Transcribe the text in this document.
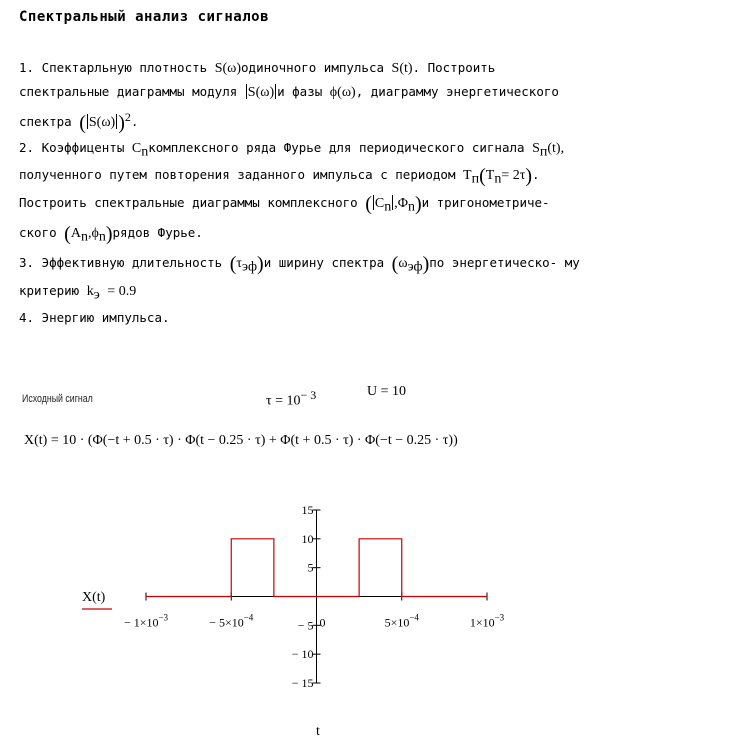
Спектральный анализ сигналов
1. Спектарльную плотность S(ω)одиночного импульса S(t). Построить
спектральные диаграммы модуля S(ω) и фазы ϕ(ω), диаграмму энергетического
спектра ( S(ω) )$^2$.
2. Коэффиценты $C_nкомплексного$ ряда Фурье для периодического сигнала $S_п(t)$,
полученного путем повторения заданного импульса с периодом $T_п(T_n= 2\tau)$.
Построить спектральные диаграммы комплексного ( $C_n$ $,\Phi_n)и$ тригонометриче-
ского $(A_n,\phi_n)рядов$ Фурье.
3. Эффективную длительность $(\tau_{эф})и$ ширину спектра $(\omega_{эф})по$ энергетическо- му
критерию $k_э = 0.9$
4. Энергию импульса.
Исходный сигнал	$\tau = 10^{- 3}$	U = 10
X(t) = 10 · (Φ(−t + 0.5 · τ) · Φ(t − 0.25 · τ) + Φ(t + 0.5 · τ) · Φ(−t − 0.25 · τ))
15
10
5
− 5
− 10
− 15
− $1\times 10^{-3}$	− $5\times 10^{-4}$	0	$5\times 10^{-4}$	$1\times 10^{-3}$
X(t)
t
